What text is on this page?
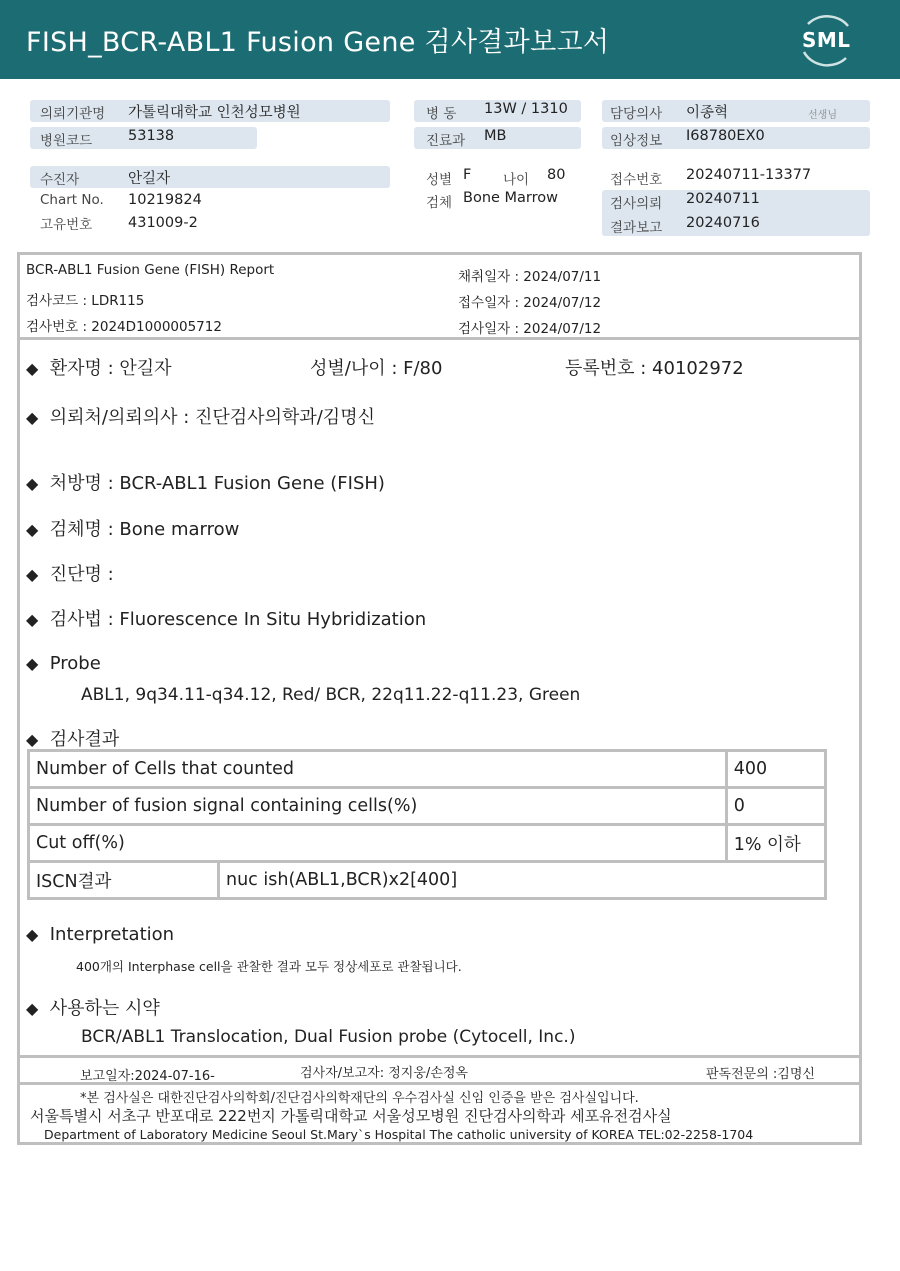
FISH_BCR-ABL1 Fusion Gene 검사결과보고서	SML
의뢰기관명 가톨릭대학교 인천성모병원	병 동 13W / 1310	담당의사 이종혁	선생님
병원코드 53138	진료과 MB	임상정보 I68780EX0
수진자	안길자	성별 F 나이 80	접수번호 20240711-13377
Chart No. 10219824	검체 Bone Marrow	검사의뢰 20240711
고유번호 431009-2	결과보고 20240716
BCR-ABL1 Fusion Gene (FISH) Report
검사코드 : LDR115
검사번호 : 2024D1000005712
채취일자 : 2024/07/11
접수일자 : 2024/07/12
검사일자 : 2024/07/12
◆ 환자명 : 안길자	성별/나이 : F/80	등록번호 : 40102972
◆ 의뢰처/의뢰의사 : 진단검사의학과/김명신
◆ 처방명 : BCR-ABL1 Fusion Gene (FISH)
◆ 검체명 : Bone marrow
◆ 진단명 :
◆ 검사법 : Fluorescence In Situ Hybridization
◆ Probe
ABL1, 9q34.11-q34.12, Red/ BCR, 22q11.22-q11.23, Green
◆ 검사결과
Number of Cells that counted		400
Number of fusion signal containing cells(%)		0
Cut off(%)		1% 이하
ISCN결과	nuc ish(ABL1,BCR)x2[400]	
◆ Interpretation
400개의 Interphase cell을 관찰한 결과 모두 정상세포로 관찰됩니다.
◆ 사용하는 시약
BCR/ABL1 Translocation, Dual Fusion probe (Cytocell, Inc.)
보고일자:2024-07-16-	검사자/보고자: 정지웅/손정옥	판독전문의 :김명신
*본 검사실은 대한진단검사의학회/진단검사의학재단의 우수검사실 신임 인증을 받은 검사실입니다.
서울특별시 서초구 반포대로 222번지 가톨릭대학교 서울성모병원 진단검사의학과 세포유전검사실
Department of Laboratory Medicine Seoul St.Mary`s Hospital The catholic university of KOREA TEL:02-2258-1704
